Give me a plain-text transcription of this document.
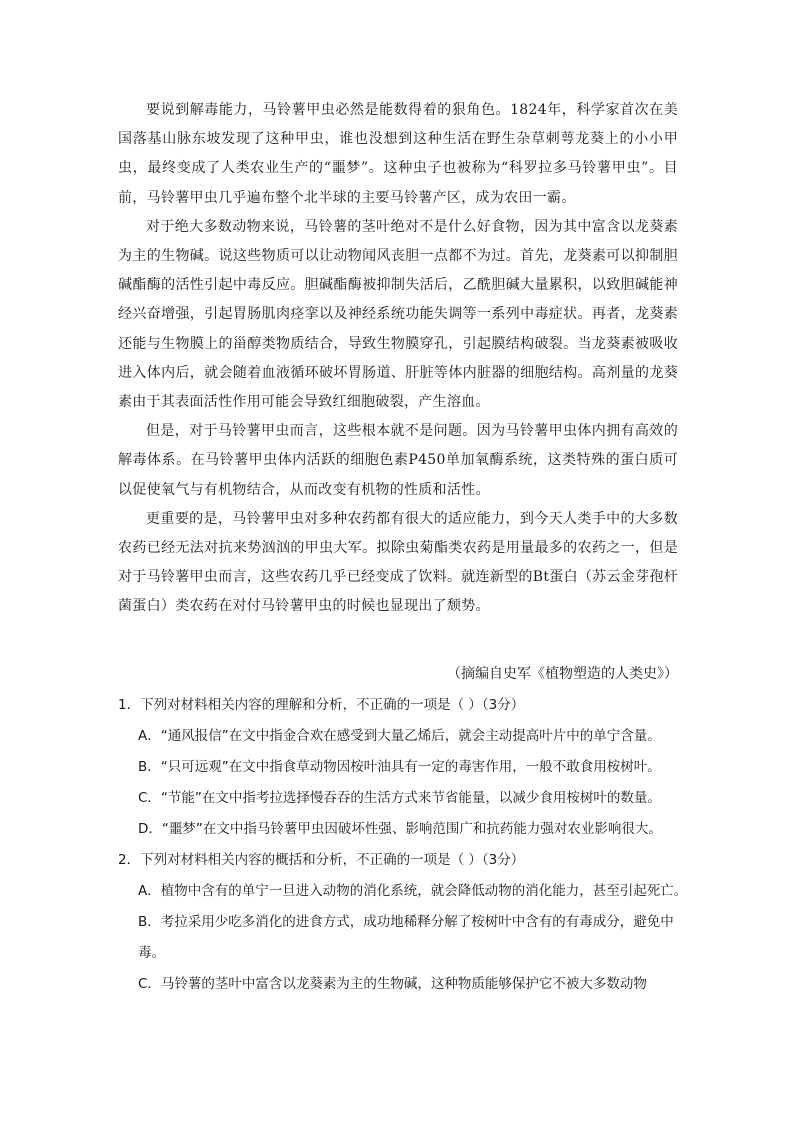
要说到解毒能力，马铃薯甲虫必然是能数得着的狠角色。1824年，科学家首次在美国落基山脉东坡发现了这种甲虫，谁也没想到这种生活在野生杂草刺萼龙葵上的小小甲虫，最终变成了人类农业生产的“噩梦”。这种虫子也被称为“科罗拉多马铃薯甲虫”。目前，马铃薯甲虫几乎遍布整个北半球的主要马铃薯产区，成为农田一霸。

对于绝大多数动物来说，马铃薯的茎叶绝对不是什么好食物，因为其中富含以龙葵素为主的生物碱。说这些物质可以让动物闻风丧胆一点都不为过。首先，龙葵素可以抑制胆碱酯酶的活性引起中毒反应。胆碱酯酶被抑制失活后，乙酰胆碱大量累积，以致胆碱能神经兴奋增强，引起胃肠肌肉痉挛以及神经系统功能失调等一系列中毒症状。再者，龙葵素还能与生物膜上的甾醇类物质结合，导致生物膜穿孔，引起膜结构破裂。当龙葵素被吸收进入体内后，就会随着血液循环破坏胃肠道、肝脏等体内脏器的细胞结构。高剂量的龙葵素由于其表面活性作用可能会导致红细胞破裂，产生溶血。

但是，对于马铃薯甲虫而言，这些根本就不是问题。因为马铃薯甲虫体内拥有高效的解毒体系。在马铃薯甲虫体内活跃的细胞色素P450单加氧酶系统，这类特殊的蛋白质可以促使氧气与有机物结合，从而改变有机物的性质和活性。

更重要的是，马铃薯甲虫对多种农药都有很大的适应能力，到今天人类手中的大多数农药已经无法对抗来势汹汹的甲虫大军。拟除虫菊酯类农药是用量最多的农药之一，但是对于马铃薯甲虫而言，这些农药几乎已经变成了饮料。就连新型的Bt蛋白（苏云金芽孢杆菌蛋白）类农药在对付马铃薯甲虫的时候也显现出了颓势。

（摘编自史军《植物塑造的人类史》）

1．下列对材料相关内容的理解和分析，不正确的一项是（ ）（3分）

A．“通风报信”在文中指金合欢在感受到大量乙烯后，就会主动提高叶片中的单宁含量。

B．“只可远观”在文中指食草动物因桉叶油具有一定的毒害作用，一般不敢食用桉树叶。

C．“节能”在文中指考拉选择慢吞吞的生活方式来节省能量，以减少食用桉树叶的数量。

D．“噩梦”在文中指马铃薯甲虫因破坏性强、影响范围广和抗药能力强对农业影响很大。

2．下列对材料相关内容的概括和分析，不正确的一项是（ ）（3分）

A．植物中含有的单宁一旦进入动物的消化系统，就会降低动物的消化能力，甚至引起死亡。

B．考拉采用少吃多消化的进食方式，成功地稀释分解了桉树叶中含有的有毒成分，避免中毒。

C．马铃薯的茎叶中富含以龙葵素为主的生物碱，这种物质能够保护它不被大多数动物
